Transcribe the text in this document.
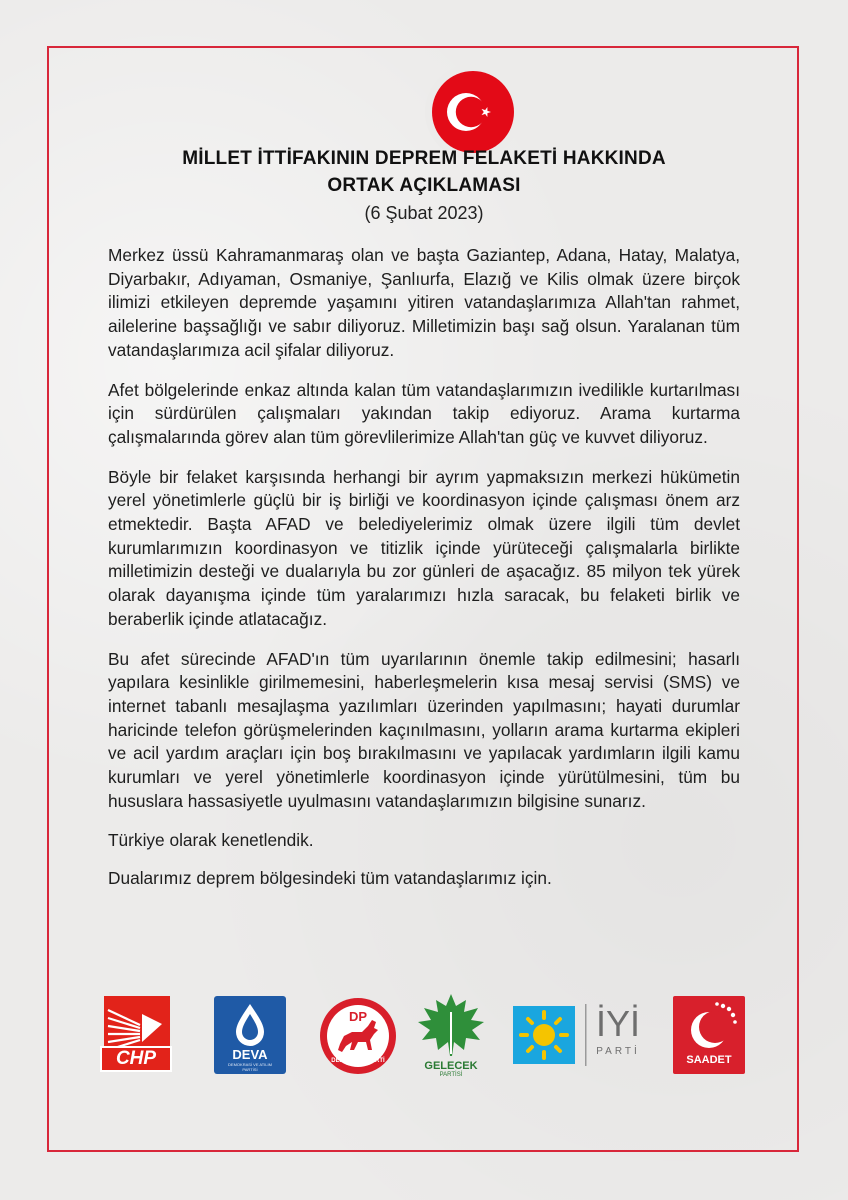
MİLLET İTTİFAKININ DEPREM FELAKETİ HAKKINDA
ORTAK AÇIKLAMASI
(6 Şubat 2023)

Merkez üssü Kahramanmaraş olan ve başta Gaziantep, Adana, Hatay, Malatya, Diyarbakır, Adıyaman, Osmaniye, Şanlıurfa, Elazığ ve Kilis olmak üzere birçok ilimizi etkileyen depremde yaşamını yitiren vatandaşlarımıza Allah'tan rahmet, ailelerine başsağlığı ve sabır diliyoruz. Milletimizin başı sağ olsun. Yaralanan tüm vatandaşlarımıza acil şifalar diliyoruz.

Afet bölgelerinde enkaz altında kalan tüm vatandaşlarımızın ivedilikle kurtarılması için sürdürülen çalışmaları yakından takip ediyoruz. Arama kurtarma çalışmalarında görev alan tüm görevlilerimize Allah'tan güç ve kuvvet diliyoruz.

Böyle bir felaket karşısında herhangi bir ayrım yapmaksızın merkezi hükümetin yerel yönetimlerle güçlü bir iş birliği ve koordinasyon içinde çalışması önem arz etmektedir. Başta AFAD ve belediyelerimiz olmak üzere ilgili tüm devlet kurumlarımızın koordinasyon ve titizlik içinde yürüteceği çalışmalarla birlikte milletimizin desteği ve dualarıyla bu zor günleri de aşacağız. 85 milyon tek yürek olarak dayanışma içinde tüm yaralarımızı hızla saracak, bu felaketi birlik ve beraberlik içinde atlatacağız.

Bu afet sürecinde AFAD'ın tüm uyarılarının önemle takip edilmesini; hasarlı yapılara kesinlikle girilmemesini, haberleşmelerin kısa mesaj servisi (SMS) ve internet tabanlı mesajlaşma yazılımları üzerinden yapılmasını; hayati durumlar haricinde telefon görüşmelerinden kaçınılmasını, yolların arama kurtarma ekipleri ve acil yardım araçları için boş bırakılmasını ve yapılacak yardımların ilgili kamu kurumları ve yerel yönetimlerle koordinasyon içinde yürütülmesini, tüm bu hususlara hassasiyetle uyulmasını vatandaşlarımızın bilgisine sunarız.

Türkiye olarak kenetlendik.

Dualarımız deprem bölgesindeki tüm vatandaşlarımız için.

CHP	DEVA
DEMOKRASİ VE ATILIM
PARTİSİ
DP
DEMOKRAT PARTİ	GELECEK
PARTİSİ
İYİ
PARTİ
SAADET
